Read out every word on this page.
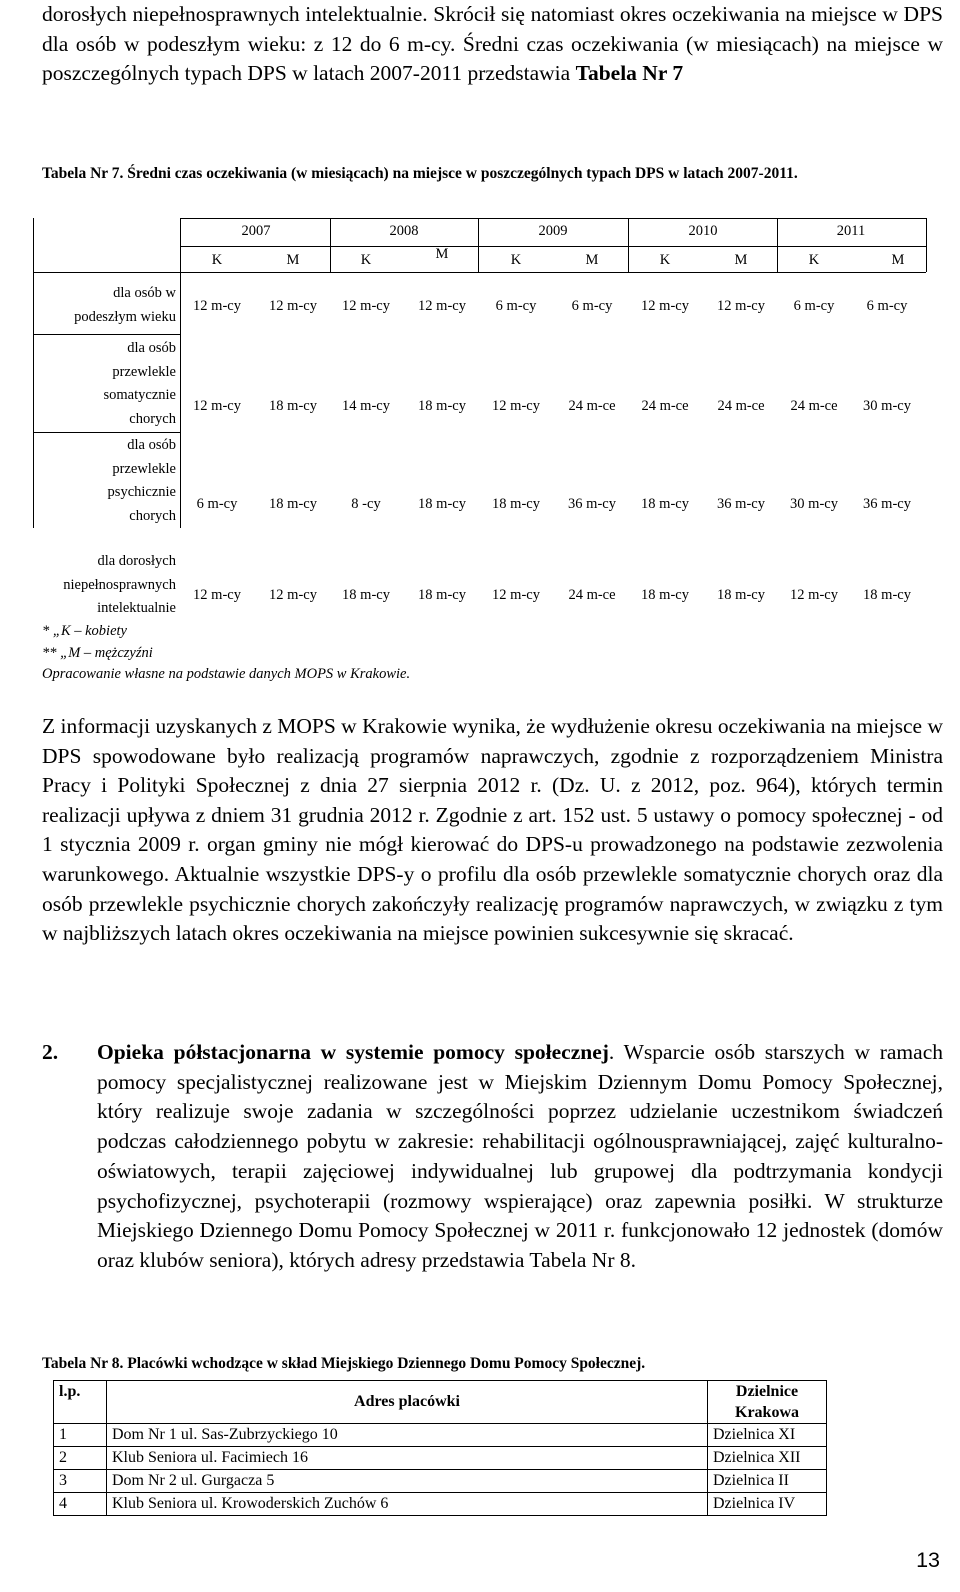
dorosłych niepełnosprawnych intelektualnie. Skrócił się natomiast okres oczekiwania na miejsce w DPS dla osób w podeszłym wieku: z 12 do 6 m-cy. Średni czas oczekiwania (w miesiącach) na miejsce w poszczególnych typach DPS w latach 2007-2011 przedstawia Tabela Nr 7

Tabela Nr 7. Średni czas oczekiwania (w miesiącach) na miejsce w poszczególnych typach DPS w latach 2007-2011.

2007	2008	2009	2010	2011
K	M	K	M	K	M	K	M	K	M
dla osób w
podeszłym wieku
12 m-cy 12 m-cy 12 m-cy 12 m-cy 6 m-cy 6 m-cy 12 m-cy 12 m-cy 6 m-cy 6 m-cy
dla osób
przewlekle
somatycznie
chorych
12 m-cy 18 m-cy 14 m-cy 18 m-cy 12 m-cy 24 m-ce 24 m-ce 24 m-ce 24 m-ce 30 m-cy
dla osób
przewlekle
psychicznie
chorych
6 m-cy 18 m-cy 8 -cy	18 m-cy 18 m-cy 36 m-cy 18 m-cy 36 m-cy 30 m-cy 36 m-cy
dla dorosłych
niepełnosprawnych
intelektualnie
12 m-cy 12 m-cy 18 m-cy 18 m-cy 12 m-cy 24 m-ce 18 m-cy 18 m-cy 12 m-cy 18 m-cy

* „K – kobiety

** „M – mężczyźni

Opracowanie własne na podstawie danych MOPS w Krakowie.

Z informacji uzyskanych z MOPS w Krakowie wynika, że wydłużenie okresu oczekiwania na miejsce w DPS spowodowane było realizacją programów naprawczych, zgodnie z rozporządzeniem Ministra Pracy i Polityki Społecznej z dnia 27 sierpnia 2012 r. (Dz. U. z 2012, poz. 964), których termin realizacji upływa z dniem 31 grudnia 2012 r. Zgodnie z art. 152 ust. 5 ustawy o pomocy społecznej - od 1 stycznia 2009 r. organ gminy nie mógł kierować do DPS-u prowadzonego na podstawie zezwolenia warunkowego. Aktualnie wszystkie DPS-y o profilu dla osób przewlekle somatycznie chorych oraz dla osób przewlekle psychicznie chorych zakończyły realizację programów naprawczych, w związku z tym w najbliższych latach okres oczekiwania na miejsce powinien sukcesywnie się skracać.

2. Opieka półstacjonarna w systemie pomocy społecznej. Wsparcie osób starszych w ramach pomocy specjalistycznej realizowane jest w Miejskim Dziennym Domu Pomocy Społecznej, który realizuje swoje zadania w szczególności poprzez udzielanie uczestnikom świadczeń podczas całodziennego pobytu w zakresie: rehabilitacji ogólnousprawniającej, zajęć kulturalno-oświatowych, terapii zajęciowej indywidualnej lub grupowej dla podtrzymania kondycji psychofizycznej, psychoterapii (rozmowy wspierające) oraz zapewnia posiłki. W strukturze Miejskiego Dziennego Domu Pomocy Społecznej w 2011 r. funkcjonowało 12 jednostek (domów oraz klubów seniora), których adresy przedstawia Tabela Nr 8.

Tabela Nr 8. Placówki wchodzące w skład Miejskiego Dziennego Domu Pomocy Społecznej.

l.p.	Adres placówki	Dzielnice
Krakowa
1	Dom Nr 1 ul. Sas-Zubrzyckiego 10	Dzielnica XI
2	Klub Seniora ul. Facimiech 16	Dzielnica XII
3	Dom Nr 2 ul. Gurgacza 5	Dzielnica II
4	Klub Seniora ul. Krowoderskich Zuchów 6	Dzielnica IV
13
